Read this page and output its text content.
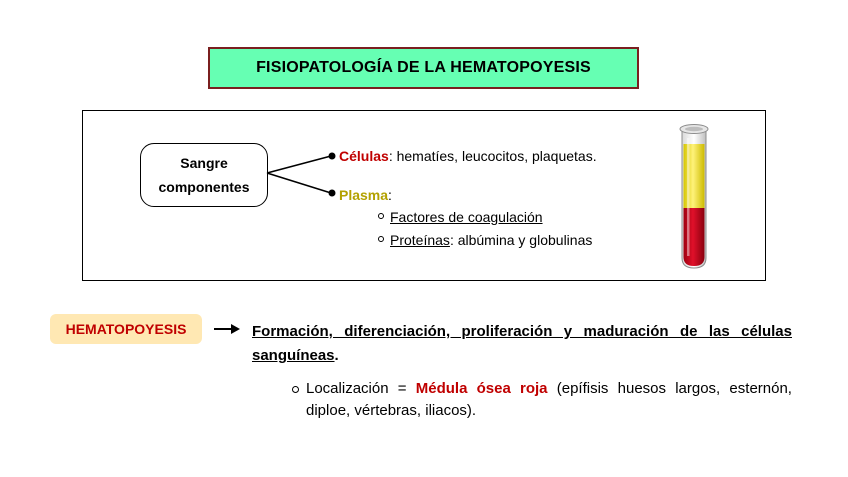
FISIOPATOLOGÍA DE LA HEMATOPOYESIS
Sangre
componentes
Células: hematíes, leucocitos, plaquetas.
Plasma:
Factores de coagulación
Proteínas: albúmina y globulinas
HEMATOPOYESIS	Formación, diferenciación, proliferación y maduración de las células sanguíneas.
Localización = Médula ósea roja (epífisis huesos largos, esternón, diploe, vértebras, iliacos).
